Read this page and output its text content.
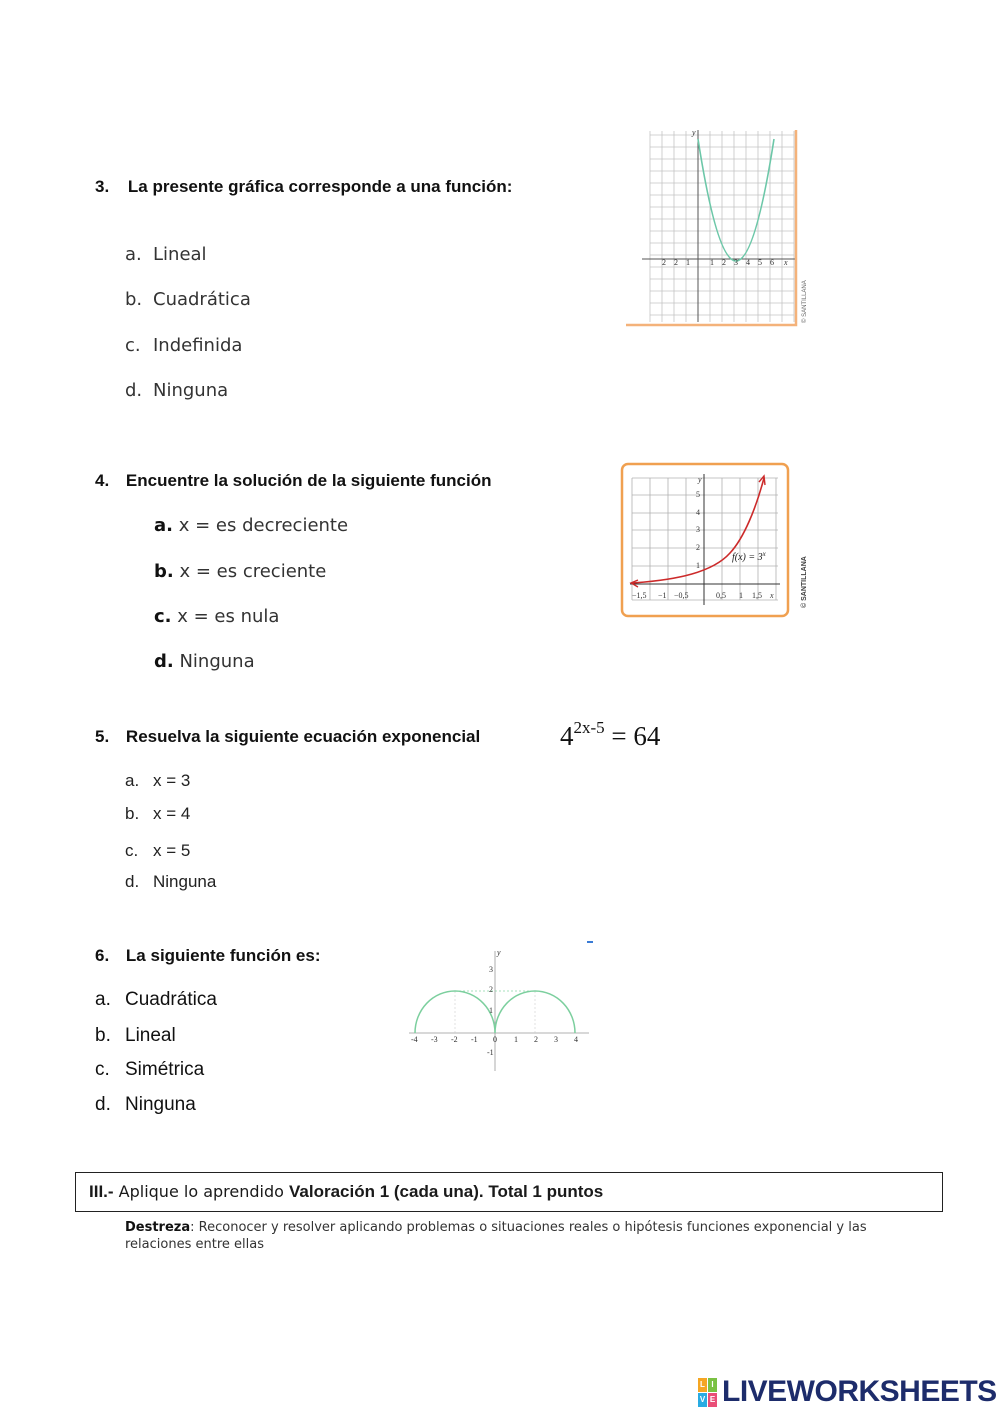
3. La presente gráfica corresponde a una función:
a. Lineal
b. Cuadrática
c. Indefinida
d. Ninguna
2 2 1	1 2 3 4 5 6 x
y
© SANTILLANA
4. Encuentre la solución de la siguiente función
a. x = es decreciente
b. x = es creciente
c. x = es nula
d. Ninguna
5
4
3
2
1
y
−1,5 −1 −0,5	0,5 1 1,5 x
$f(x) = 3^x$
© SANTILLANA
5. Resuelva la siguiente ecuación exponencial	$4^{2x-5} = 64$
a. x = 3
b. x = 4
c. x = 5
d. Ninguna
6. La siguiente función es:
a. Cuadrática
b. Lineal
c. Simétrica
d. Ninguna
-4 -3 -2 -1 0 1 2 3 4
3
2
1
-1
y
III.- Aplique lo aprendido Valoración 1 (cada una). Total 1 puntos
Destreza: Reconocer y resolver aplicando problemas o situaciones reales o hipótesis funciones exponencial y las relaciones entre ellas
L I
V E LIVEWORKSHEETS
